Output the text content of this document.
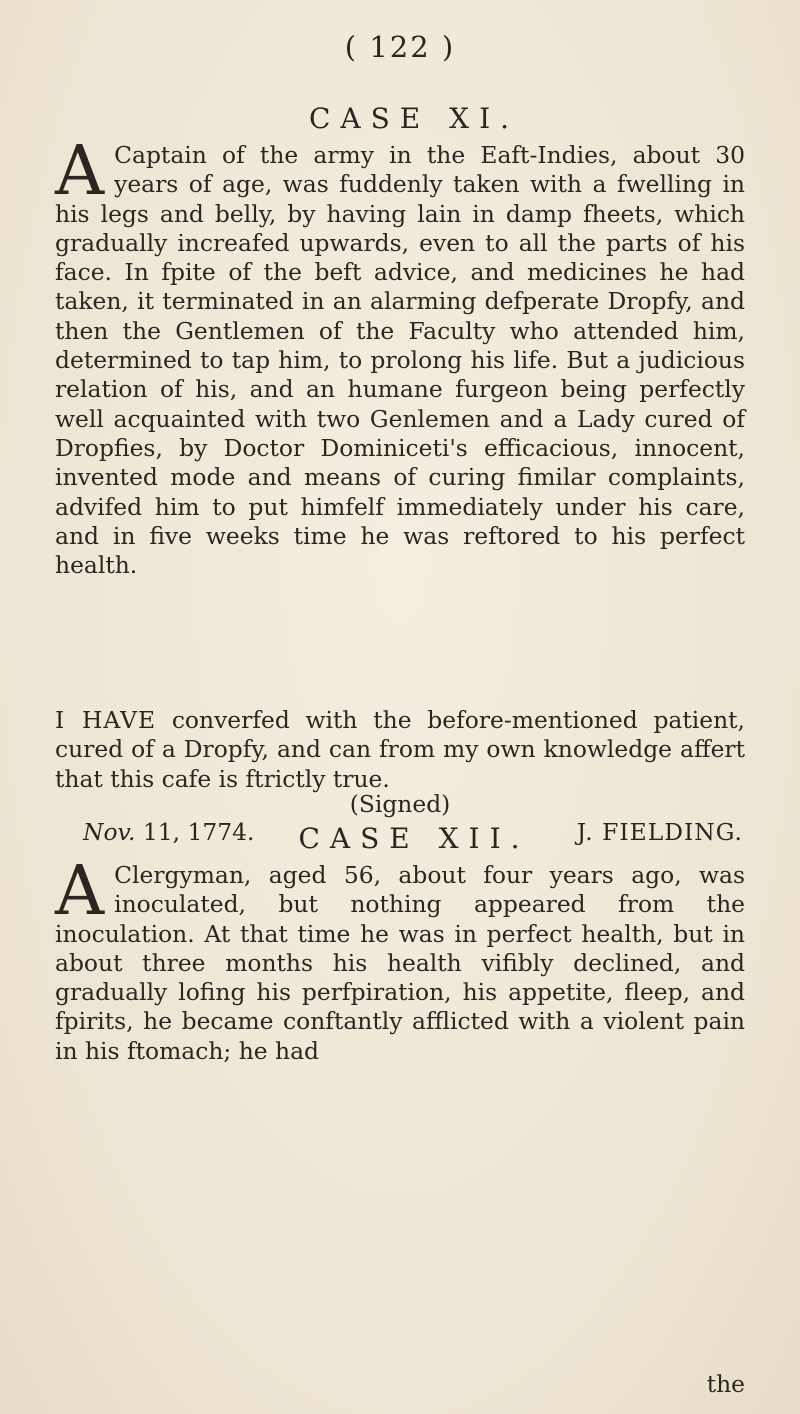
( 122 )
CASE XI.

A Captain of the army in the Eaft-Indies, about 30 years of age, was fuddenly taken with a fwelling in his legs and belly, by having lain in damp fheets, which gradually increafed upwards, even to all the parts of his face. In fpite of the beft advice, and medicines he had taken, it terminated in an alarming defperate Dropfy, and then the Gentlemen of the Faculty who attended him, determined to tap him, to prolong his life. But a judicious relation of his, and an humane furgeon being perfectly well acquainted with two Genlemen and a Lady cured of Dropfies, by Doctor Dominiceti's efficacious, innocent, invented mode and means of curing fimilar complaints, advifed him to put himfelf immediately under his care, and in five weeks time he was reftored to his perfect health.

I HAVE converfed with the before-mentioned patient, cured of a Dropfy, and can from my own knowledge affert that this cafe is ftrictly true.

(Signed)
Nov. 11, 1774.	J. FIELDING.
CASE XII.

A Clergyman, aged 56, about four years ago, was inoculated, but nothing appeared from the inoculation. At that time he was in perfect health, but in about three months his health vifibly declined, and gradually lofing his perfpiration, his appetite, fleep, and fpirits, he became conftantly afflicted with a violent pain in his ftomach; he had

the
